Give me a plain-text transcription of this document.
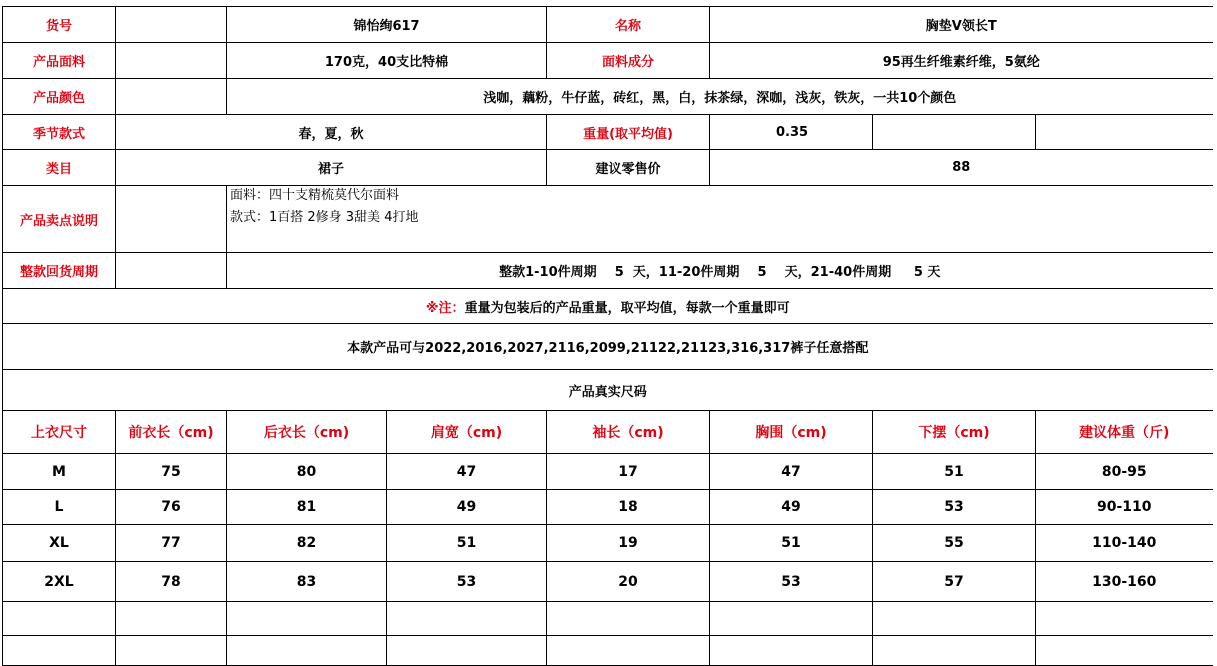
货号		锦怡绚617		名称	胸垫V领长T		
产品面料		170克，40支比特棉		面料成分	95再生纤维素纤维，5氨纶		
产品颜色		浅咖，藕粉，牛仔蓝，砖红，黑，白，抹茶绿，深咖，浅灰，铁灰，一共10个颜色					
季节款式	春，夏，秋			重量(取平均值)	0.35		
类目	裙子			建议零售价	88		
产品卖点说明		面料：四十支精梳莫代尔面料
款式：1百搭 2修身 3甜美 4打地					

整款回货周期		整款1-10件周期    5  天，11-20件周期    5    天，21-40件周期     5 天					
※注：重量为包装后的产品重量，取平均值，每款一个重量即可							
本款产品可与2022,2016,2027,2116,2099,21122,21123,316,317裤子任意搭配							
产品真实尺码							
上衣尺寸	前衣长（cm)	后衣长（cm)	肩宽（cm)	袖长（cm)	胸围（cm)	下摆（cm)	建议体重（斤)
M	75	80	47	17	47	51	80-95
L	76	81	49	18	49	53	90-110
XL	77	82	51	19	51	55	110-140
2XL	78	83	53	20	53	57	130-160
